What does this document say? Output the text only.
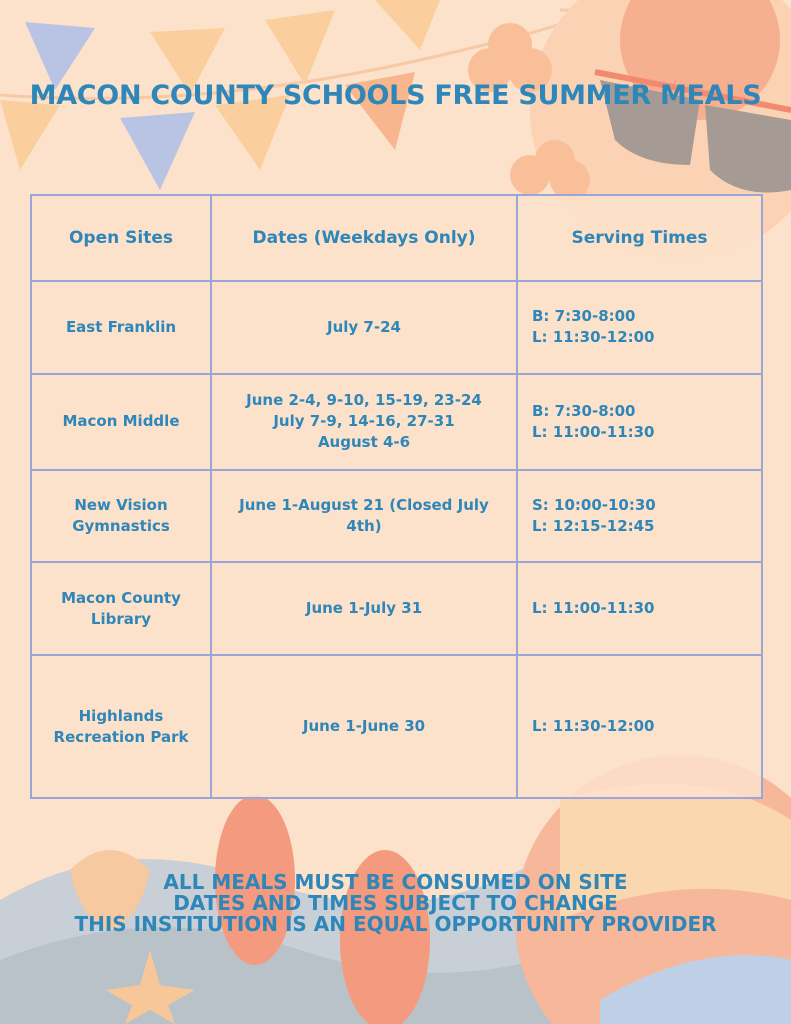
MACON COUNTY SCHOOLS FREE SUMMER MEALS
Open Sites	Dates (Weekdays Only)	Serving Times

East Franklin	July 7-24	B: 7:30-8:00
L: 11:30-12:00

Macon Middle	June 2-4, 9-10, 15-19, 23-24
July 7-9, 14-16, 27-31
August 4-6	B: 7:30-8:00
L: 11:00-11:30

New Vision
Gymnastics	June 1-August 21 (Closed July 4th)	S: 10:00-10:30
L: 12:15-12:45

Macon County
Library	June 1-July 31	L: 11:00-11:30

Highlands
Recreation Park	June 1-June 30	L: 11:30-12:00
ALL MEALS MUST BE CONSUMED ON SITE
DATES AND TIMES SUBJECT TO CHANGE
THIS INSTITUTION IS AN EQUAL OPPORTUNITY PROVIDER
